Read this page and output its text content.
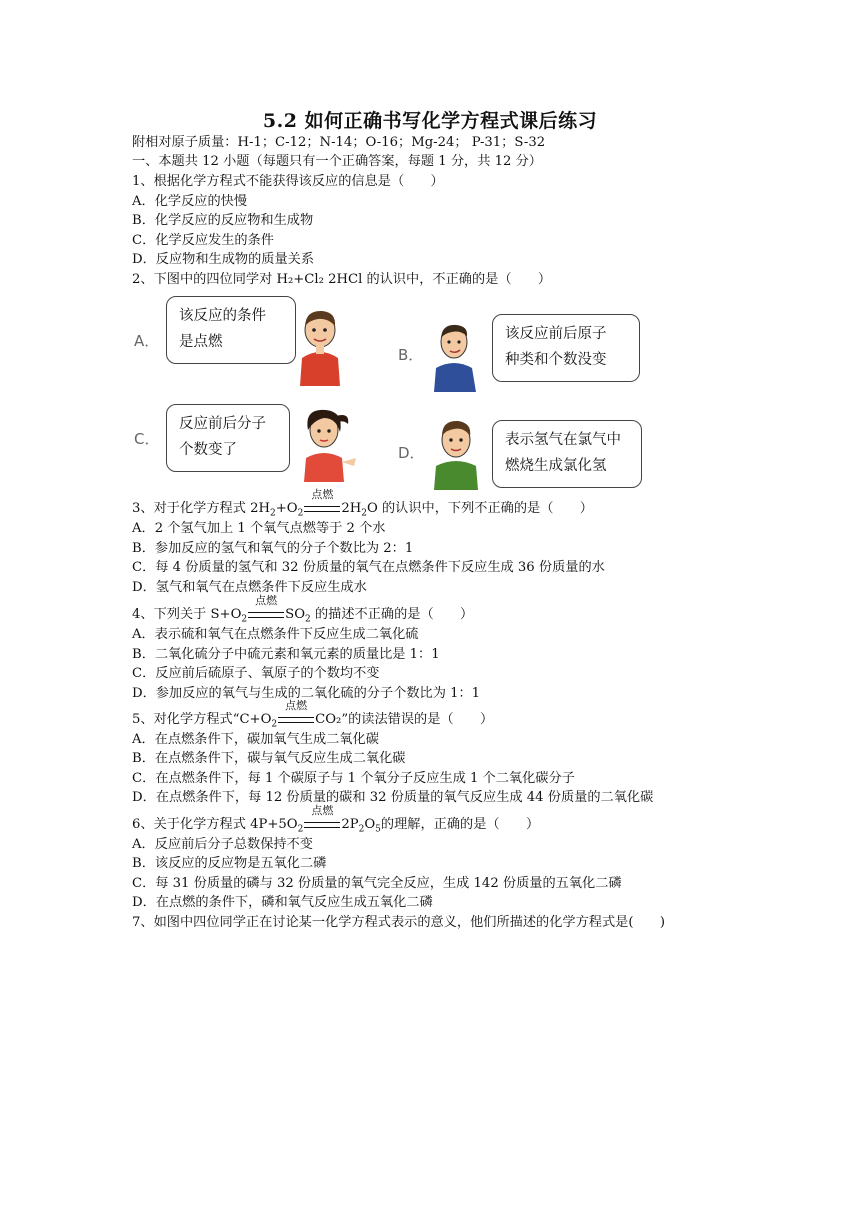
5.2 如何正确书写化学方程式课后练习
附相对原子质量：H-1；C-12；N-14；O-16；Mg-24； P-31；S-32
一、本题共 12 小题（每题只有一个正确答案，每题 1 分，共 12 分）
1、根据化学方程式不能获得该反应的信息是（　　）
A．化学反应的快慢
B．化学反应的反应物和生成物
C．化学反应发生的条件
D．反应物和生成物的质量关系
2、下图中的四位同学对 H₂+Cl₂ 2HCl 的认识中，不正确的是（　　）
A．
该反应的条件
是点燃
B．
该反应前后原子
种类和个数没变
C．
反应前后分子
个数变了	D．
表示氢气在氯气中
燃烧生成氯化氢
3、对于化学方程式 $2H_2+O_2$
点燃
$2H_2O$ 的认识中，下列不正确的是（　　）
A．2 个氢气加上 1 个氧气点燃等于 2 个水
B．参加反应的氢气和氧气的分子个数比为 2：1
C．每 4 份质量的氢气和 32 份质量的氧气在点燃条件下反应生成 36 份质量的水
D．氢气和氧气在点燃条件下反应生成水
4、下列关于 $S+O_2$
点燃
$SO_2$ 的描述不正确的是（　　）
A．表示硫和氧气在点燃条件下反应生成二氧化硫
B．二氧化硫分子中硫元素和氧元素的质量比是 1：1
C．反应前后硫原子、氧原子的个数均不变
D．参加反应的氧气与生成的二氧化硫的分子个数比为 1：1
5、对化学方程式“$C+O_2$
点燃
CO₂”的读法错误的是（　　）
A．在点燃条件下，碳加氧气生成二氧化碳
B．在点燃条件下，碳与氧气反应生成二氧化碳
C．在点燃条件下，每 1 个碳原子与 1 个氧分子反应生成 1 个二氧化碳分子
D．在点燃条件下，每 12 份质量的碳和 32 份质量的氧气反应生成 44 份质量的二氧化碳
6、关于化学方程式 $4P+5O_2$
点燃
$2P_2O_5$的理解，正确的是（　　）
A．反应前后分子总数保持不变
B．该反应的反应物是五氧化二磷
C．每 31 份质量的磷与 32 份质量的氧气完全反应，生成 142 份质量的五氧化二磷
D．在点燃的条件下，磷和氧气反应生成五氧化二磷
7、如图中四位同学正在讨论某一化学方程式表示的意义，他们所描述的化学方程式是(　　)
